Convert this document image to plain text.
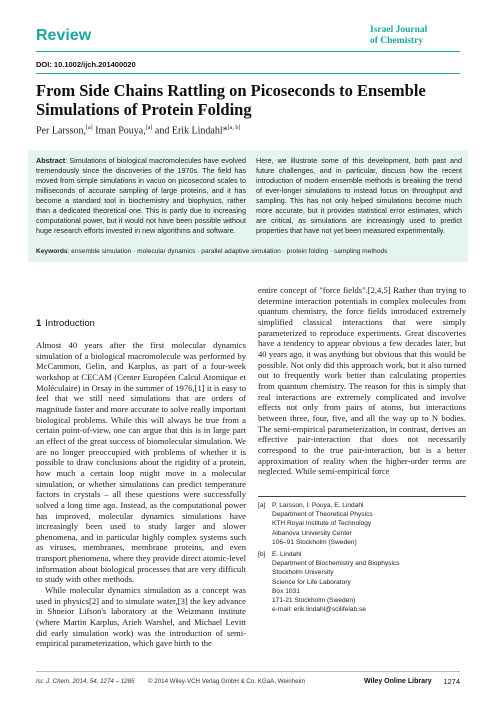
Review	Israel Journal
of Chemistry
DOI: 10.1002/ijch.201400020
From Side Chains Rattling on Picoseconds to Ensemble Simulations of Protein Folding
Per Larsson,[a] Iman Pouya,[a] and Erik Lindahl*[a, b]
Abstract: Simulations of biological macromolecules have evolved tremendously since the discoveries of the 1970s. The field has moved from simple simulations in vacuo on picosecond scales to milliseconds of accurate sampling of large proteins, and it has become a standard tool in biochemistry and biophysics, rather than a dedicated theoretical one. This is partly due to increasing computational power, but it would not have been possible without huge research efforts invested in new algorithms and software.
Here, we illustrate some of this development, both past and future challenges, and in particular, discuss how the recent introduction of modern ensemble methods is breaking the trend of ever-longer simulations to instead focus on throughput and sampling. This has not only helped simulations become much more accurate, but it provides statistical error estimates, which are critical, as simulations are increasingly used to predict properties that have not yet been measured experimentally.
Keywords: ensemble simulation · molecular dynamics · parallel adaptive simulation · protein folding · sampling methods
1 Introduction

Almost 40 years after the first molecular dynamics simulation of a biological macromolecule was performed by McCammon, Gelin, and Karplus, as part of a four-week workshop at CECAM (Center Européen Calcul Atomique et Moléculaire) in Orsay in the summer of 1976,[1] it is easy to feel that we still need simulations that are orders of magnitude faster and more accurate to solve really important biological problems. While this will always be true from a certain point-of-view, one can argue that this is in large part an effect of the great success of biomolecular simulation. We are no longer preoccupied with problems of whether it is possible to draw conclusions about the rigidity of a protein, how much a certain loop might move in a molecular simulation, or whether simulations can predict temperature factors in crystals – all these questions were successfully solved a long time ago. Instead, as the computational power has improved, molecular dynamics simulations have increasingly been used to study larger and slower phenomena, and in particular highly complex systems such as viruses, membranes, membrane proteins, and even transport phenomena, where they provide direct atomic-level information about biological processes that are very difficult to study with other methods.

While molecular dynamics simulation as a concept was used in physics[2] and to simulate water,[3] the key advance in Shneior Lifson's laboratory at the Weizmann institute (where Martin Karplus, Arieh Warshel, and Michael Levitt did early simulation work) was the introduction of semi-empirical parameterization, which gave birth to the

entire concept of "force fields".[2,4,5] Rather than trying to determine interaction potentials in complex molecules from quantum chemistry, the force fields introduced extremely simplified classical interactions that were simply parameterized to reproduce experiments. Great discoveries have a tendency to appear obvious a few decades later, but 40 years ago, it was anything but obvious that this would be possible. Not only did this approach work, but it also turned out to frequently work better than calculating properties from quantum chemistry. The reason for this is simply that real interactions are extremely complicated and involve effects not only from pairs of atoms, but interactions between three, four, five, and all the way up to N bodies. The semi-empirical parameterization, in contrast, derives an effective pair-interaction that does not necessarily correspond to the true pair-interaction, but is a better approximation of reality when the higher-order terms are neglected. While semi-empirical force

[a]	P. Larsson, I. Pouya, E. Lindahl
Department of Theoretical Physics
KTH Royal Institute of Technology
Albanova University Center
106–91 Stockholm (Sweden)
[b]	E. Lindahl
Department of Biochemistry and Biophysics
Stockholm University
Science for Life Laboratory
Box 1031
171-21 Stockholm (Sweden)
e-mail: erik.lindahl@scilifelab.se
Isr. J. Chem. 2014, 54, 1274 – 1285 © 2014 Wiley-VCH Verlag GmbH & Co. KGaA, Weinheim	Wiley Online Library 1274
